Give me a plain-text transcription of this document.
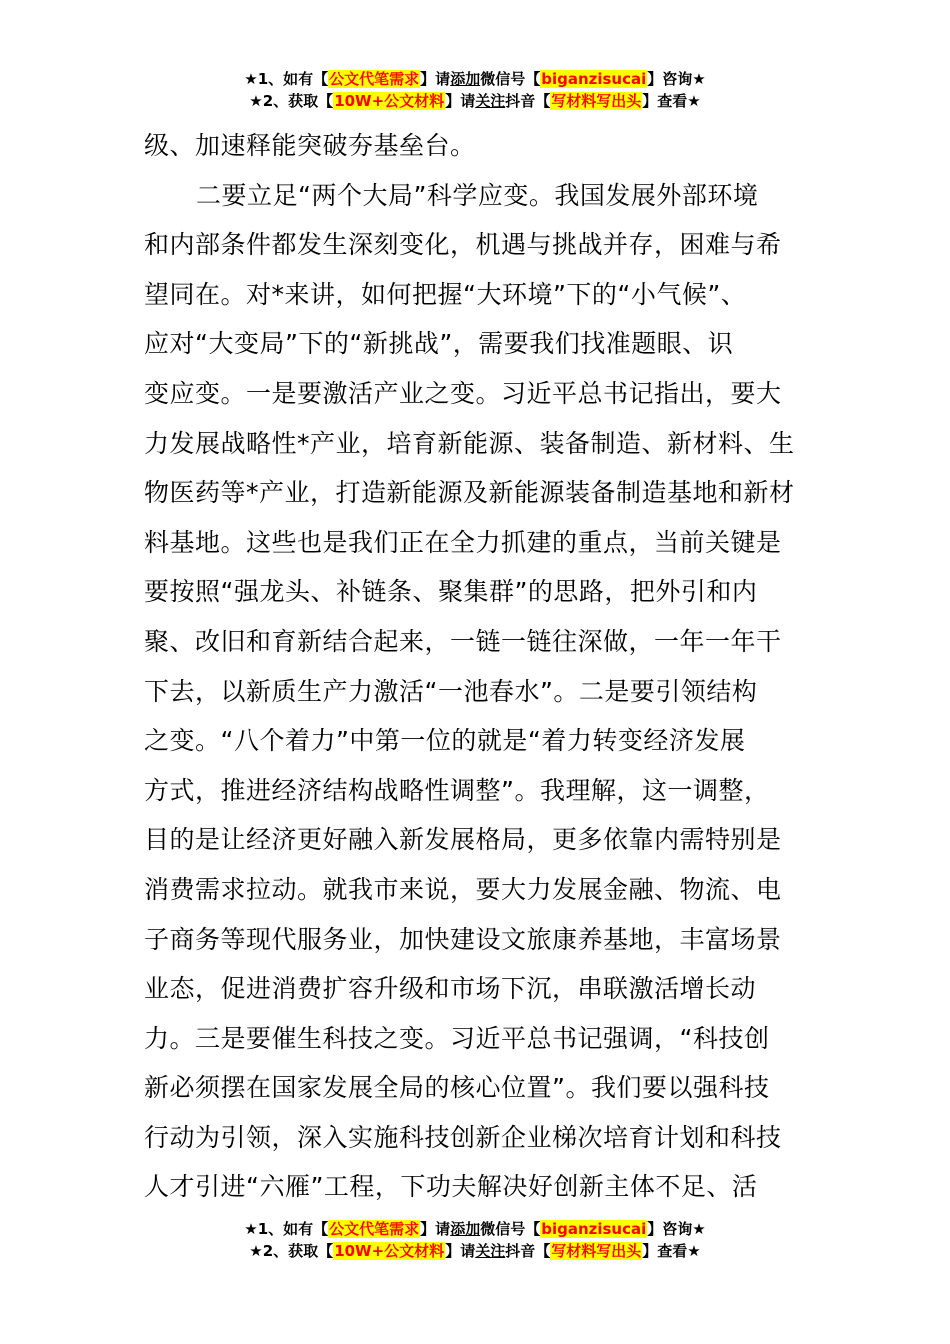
★1、如有【公文代笔需求】请添加微信号【biganzisucai】咨询★
★2、获取【10W+公文材料】请关注抖音【写材料写出头】查看★
级、加速释能突破夯基垒台。
二要立足“两个大局”科学应变。我国发展外部环境
和内部条件都发生深刻变化，机遇与挑战并存，困难与希
望同在。对*来讲，如何把握“大环境”下的“小气候”、
应对“大变局”下的“新挑战”，需要我们找准题眼、识
变应变。一是要激活产业之变。习近平总书记指出，要大
力发展战略性*产业，培育新能源、装备制造、新材料、生
物医药等*产业，打造新能源及新能源装备制造基地和新材
料基地。这些也是我们正在全力抓建的重点，当前关键是
要按照“强龙头、补链条、聚集群”的思路，把外引和内
聚、改旧和育新结合起来，一链一链往深做，一年一年干
下去，以新质生产力激活“一池春水”。二是要引领结构
之变。“八个着力”中第一位的就是“着力转变经济发展
方式，推进经济结构战略性调整”。我理解，这一调整，
目的是让经济更好融入新发展格局，更多依靠内需特别是
消费需求拉动。就我市来说，要大力发展金融、物流、电
子商务等现代服务业，加快建设文旅康养基地，丰富场景
业态，促进消费扩容升级和市场下沉，串联激活增长动
力。三是要催生科技之变。习近平总书记强调，“科技创
新必须摆在国家发展全局的核心位置”。我们要以强科技
行动为引领，深入实施科技创新企业梯次培育计划和科技
人才引进“六雁”工程，下功夫解决好创新主体不足、活
★1、如有【公文代笔需求】请添加微信号【biganzisucai】咨询★
★2、获取【10W+公文材料】请关注抖音【写材料写出头】查看★
